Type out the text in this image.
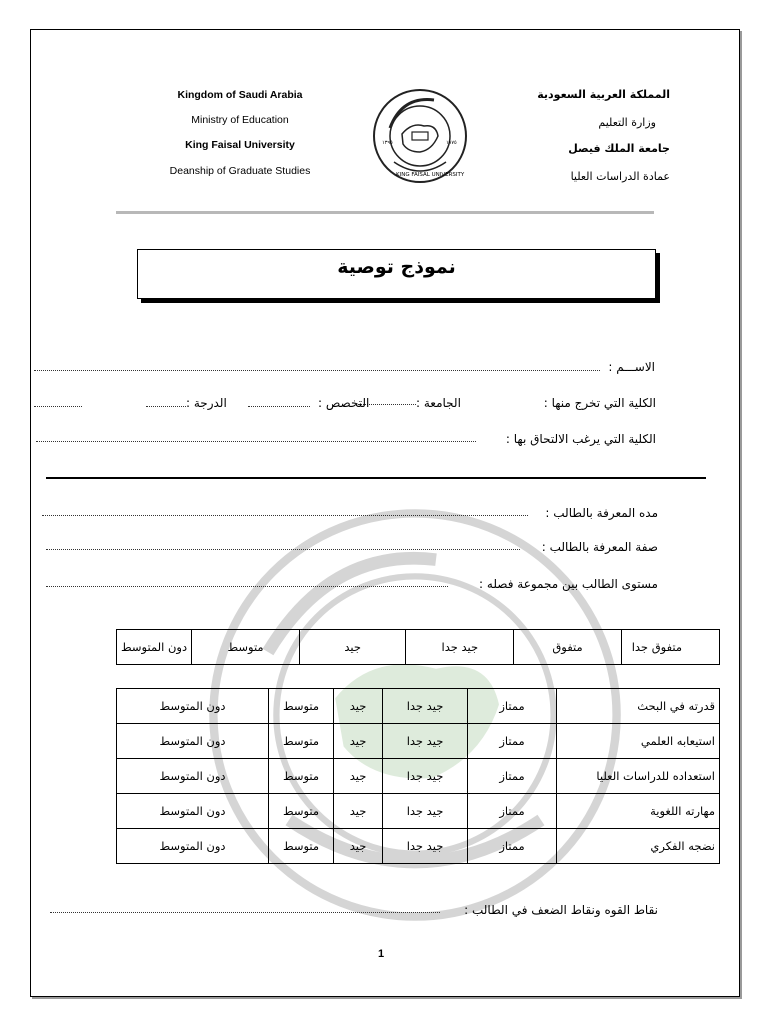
Kingdom of Saudi Arabia
Ministry of Education
King Faisal University
Deanship of Graduate Studies
المملكة العربية السعودية
وزارة التعليم
جامعة الملك فيصل
عمادة الدراسات العليا
١٣٩٥	١٩٧٥
KING FAISAL UNIVERSITY
نموذج توصية
الاســـم :
الكلية التي تخرج منها :
الجامعة :
التخصص :
الدرجة :
الكلية التي يرغب الالتحاق بها :
مده المعرفة بالطالب :
صفة المعرفة بالطالب :
مستوى الطالب بين مجموعة فصله :
متفوق جدا	متفوق	جيد جدا	جيد	متوسط	دون المتوسط
قدرته في البحث	ممتاز	جيد جدا	جيد	متوسط	دون المتوسط
استيعابه العلمي	ممتاز	جيد جدا	جيد	متوسط	دون المتوسط
استعداده للدراسات العليا	ممتاز	جيد جدا	جيد	متوسط	دون المتوسط
مهارته اللغوية	ممتاز	جيد جدا	جيد	متوسط	دون المتوسط
نضجه الفكري	ممتاز	جيد جدا	جيد	متوسط	دون المتوسط
نقاط القوه ونقاط الضعف في الطالب :
1
